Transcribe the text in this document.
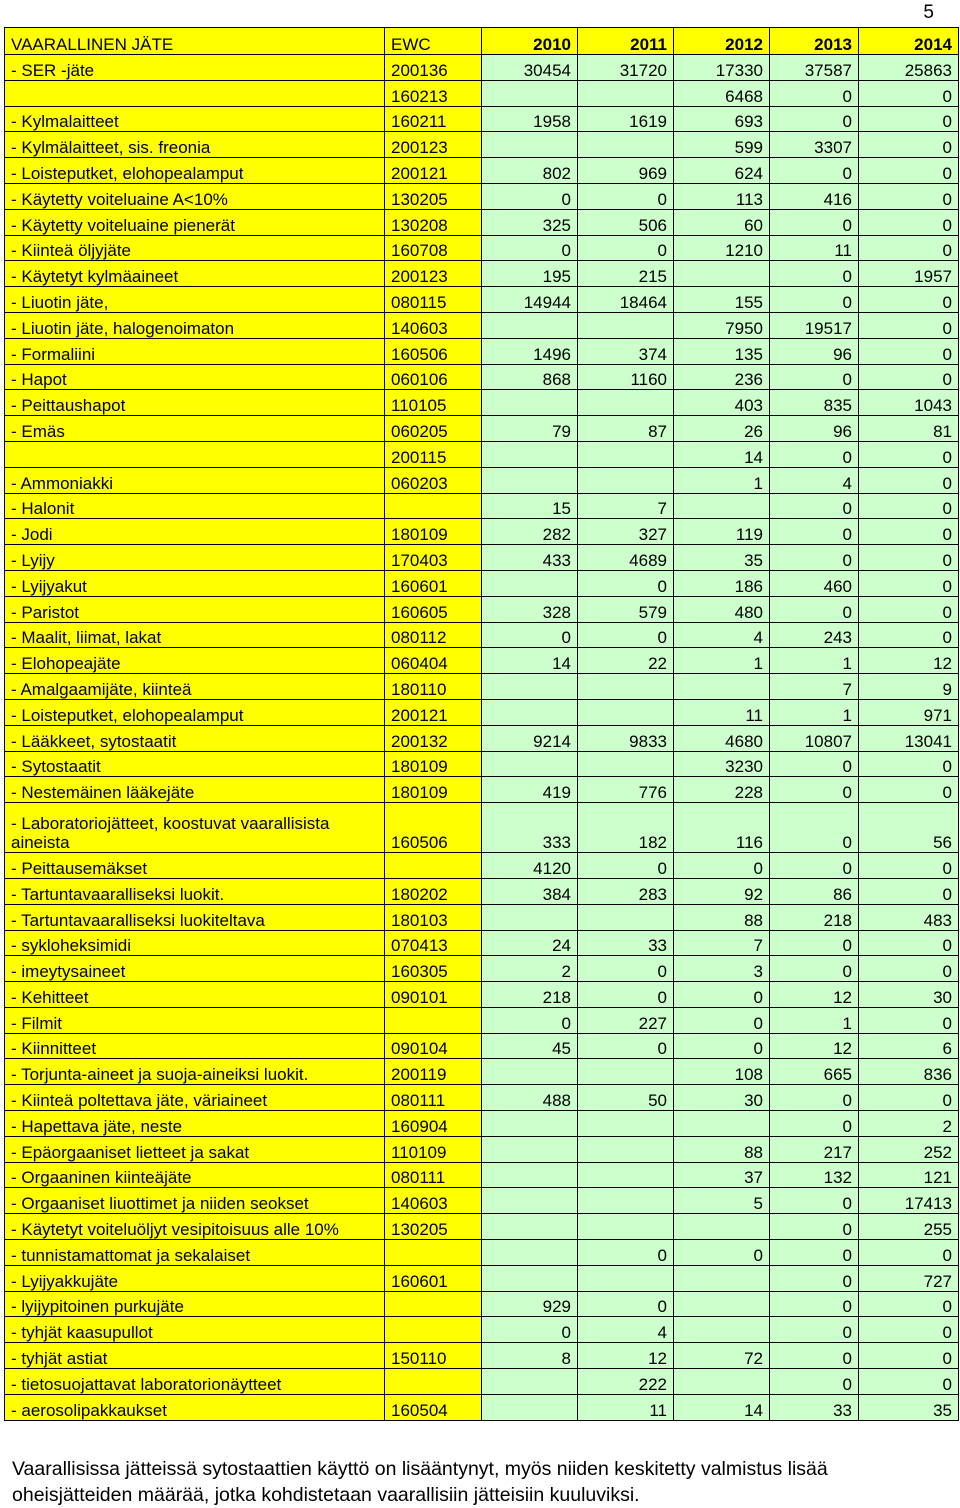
5
VAARALLINEN JÄTE	EWC	2010	2011	2012	2013	2014
- SER -jäte	200136	30454	31720	17330	37587	25863
	160213			6468	0	0
- Kylmalaitteet	160211	1958	1619	693	0	0
- Kylmälaitteet, sis. freonia	200123			599	3307	0
- Loisteputket, elohopealamput	200121	802	969	624	0	0
- Käytetty voiteluaine A<10%	130205	0	0	113	416	0
- Käytetty voiteluaine pienerät	130208	325	506	60	0	0
- Kiinteä öljyjäte	160708	0	0	1210	11	0
- Käytetyt kylmäaineet	200123	195	215		0	1957
- Liuotin jäte,	080115	14944	18464	155	0	0
- Liuotin jäte, halogenoimaton	140603			7950	19517	0
- Formaliini	160506	1496	374	135	96	0
- Hapot	060106	868	1160	236	0	0
- Peittaushapot	110105			403	835	1043
- Emäs	060205	79	87	26	96	81
	200115			14	0	0
- Ammoniakki	060203			1	4	0
- Halonit		15	7		0	0
- Jodi	180109	282	327	119	0	0
- Lyijy	170403	433	4689	35	0	0
- Lyijyakut	160601		0	186	460	0
- Paristot	160605	328	579	480	0	0
- Maalit, liimat, lakat	080112	0	0	4	243	0
- Elohopeajäte	060404	14	22	1	1	12
- Amalgaamijäte, kiinteä	180110				7	9
- Loisteputket, elohopealamput	200121			11	1	971
- Lääkkeet, sytostaatit	200132	9214	9833	4680	10807	13041
- Sytostaatit	180109			3230	0	0
- Nestemäinen lääkejäte	180109	419	776	228	0	0
- Laboratoriojätteet, koostuvat vaarallisista aineista	160506	333	182	116	0	56
- Peittausemäkset		4120	0	0	0	0
- Tartuntavaaralliseksi luokit.	180202	384	283	92	86	0
- Tartuntavaaralliseksi luokiteltava	180103			88	218	483
- sykloheksimidi	070413	24	33	7	0	0
- imeytysaineet	160305	2	0	3	0	0
- Kehitteet	090101	218	0	0	12	30
- Filmit		0	227	0	1	0
- Kiinnitteet	090104	45	0	0	12	6
- Torjunta-aineet ja suoja-aineiksi luokit.	200119			108	665	836
- Kiinteä poltettava jäte, väriaineet	080111	488	50	30	0	0
- Hapettava jäte, neste	160904				0	2
- Epäorgaaniset lietteet ja sakat	110109			88	217	252
- Orgaaninen kiinteäjäte	080111			37	132	121
- Orgaaniset liuottimet ja niiden seokset	140603			5	0	17413
- Käytetyt voiteluöljyt vesipitoisuus alle 10%	130205				0	255
- tunnistamattomat ja sekalaiset			0	0	0	0
- Lyijyakkujäte	160601				0	727
- lyijypitoinen purkujäte		929	0		0	0
- tyhjät kaasupullot		0	4		0	0
- tyhjät astiat	150110	8	12	72	0	0
- tietosuojattavat laboratorionäytteet			222		0	0
- aerosolipakkaukset	160504		11	14	33	35
Vaarallisissa jätteissä sytostaattien käyttö on lisääntynyt, myös niiden keskitetty valmistus lisää oheisjätteiden määrää, jotka kohdistetaan vaarallisiin jätteisiin kuuluviksi.
